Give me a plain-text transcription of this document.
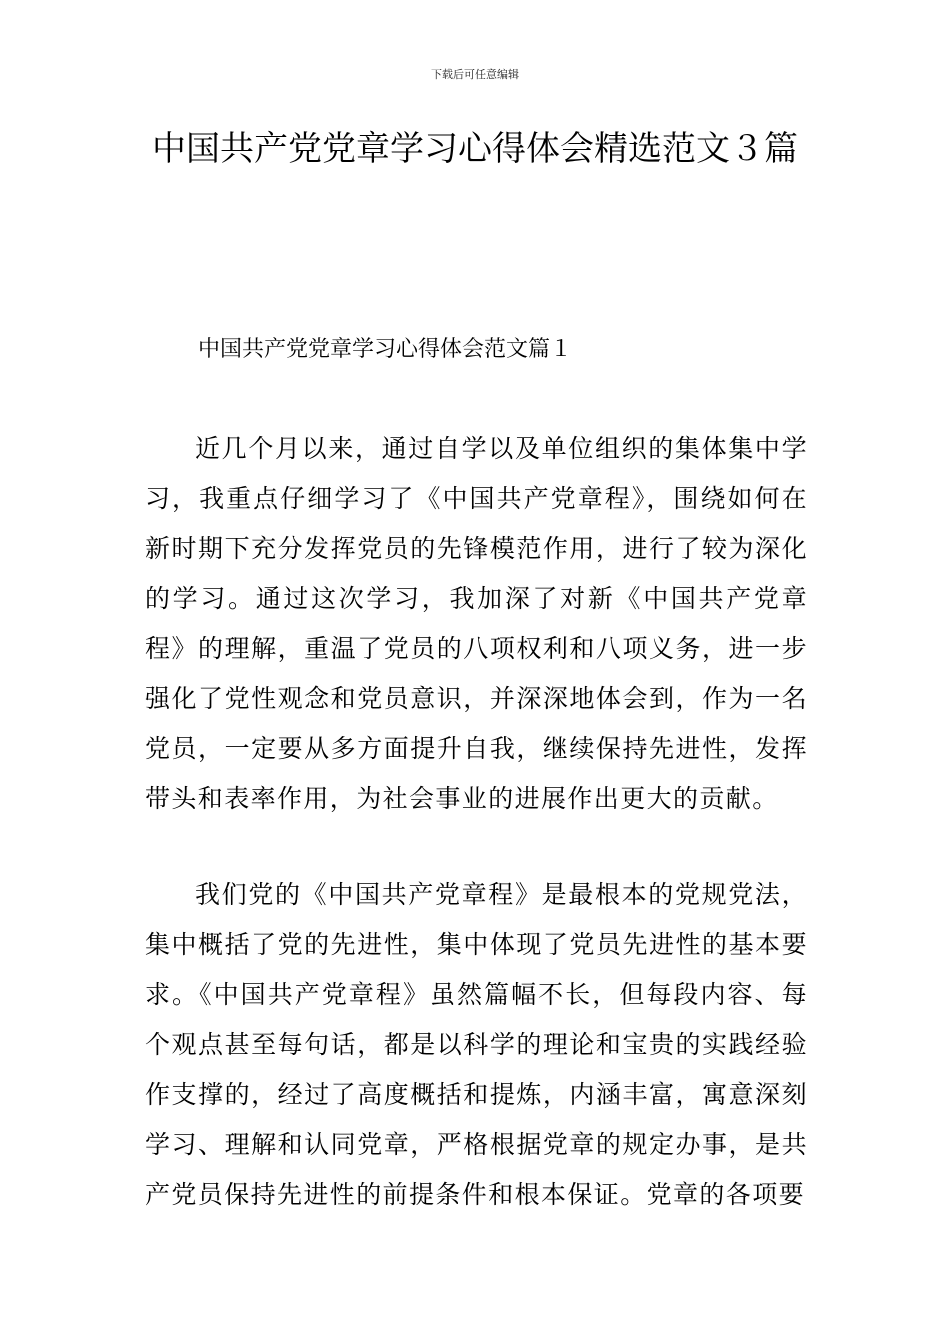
下载后可任意编辑
中国共产党党章学习心得体会精选范文３篇
中国共产党党章学习心得体会范文篇１

近几个月以来，通过自学以及单位组织的集体集中学习，我重点仔细学习了《中国共产党章程》，围绕如何在新时期下充分发挥党员的先锋模范作用，进行了较为深化的学习。通过这次学习，我加深了对新《中国共产党章程》的理解，重温了党员的八项权利和八项义务，进一步强化了党性观念和党员意识，并深深地体会到，作为一名党员，一定要从多方面提升自我，继续保持先进性，发挥带头和表率作用，为社会事业的进展作出更大的贡献。

我们党的《中国共产党章程》是最根本的党规党法，集中概括了党的先进性，集中体现了党员先进性的基本要求。《中国共产党章程》虽然篇幅不长，但每段内容、每个观点甚至每句话，都是以科学的理论和宝贵的实践经验作支撑的，经过了高度概括和提炼，内涵丰富，寓意深刻学习、理解和认同党章，严格根据党章的规定办事，是共产党员保持先进性的前提条件和根本保证。党章的各项要
